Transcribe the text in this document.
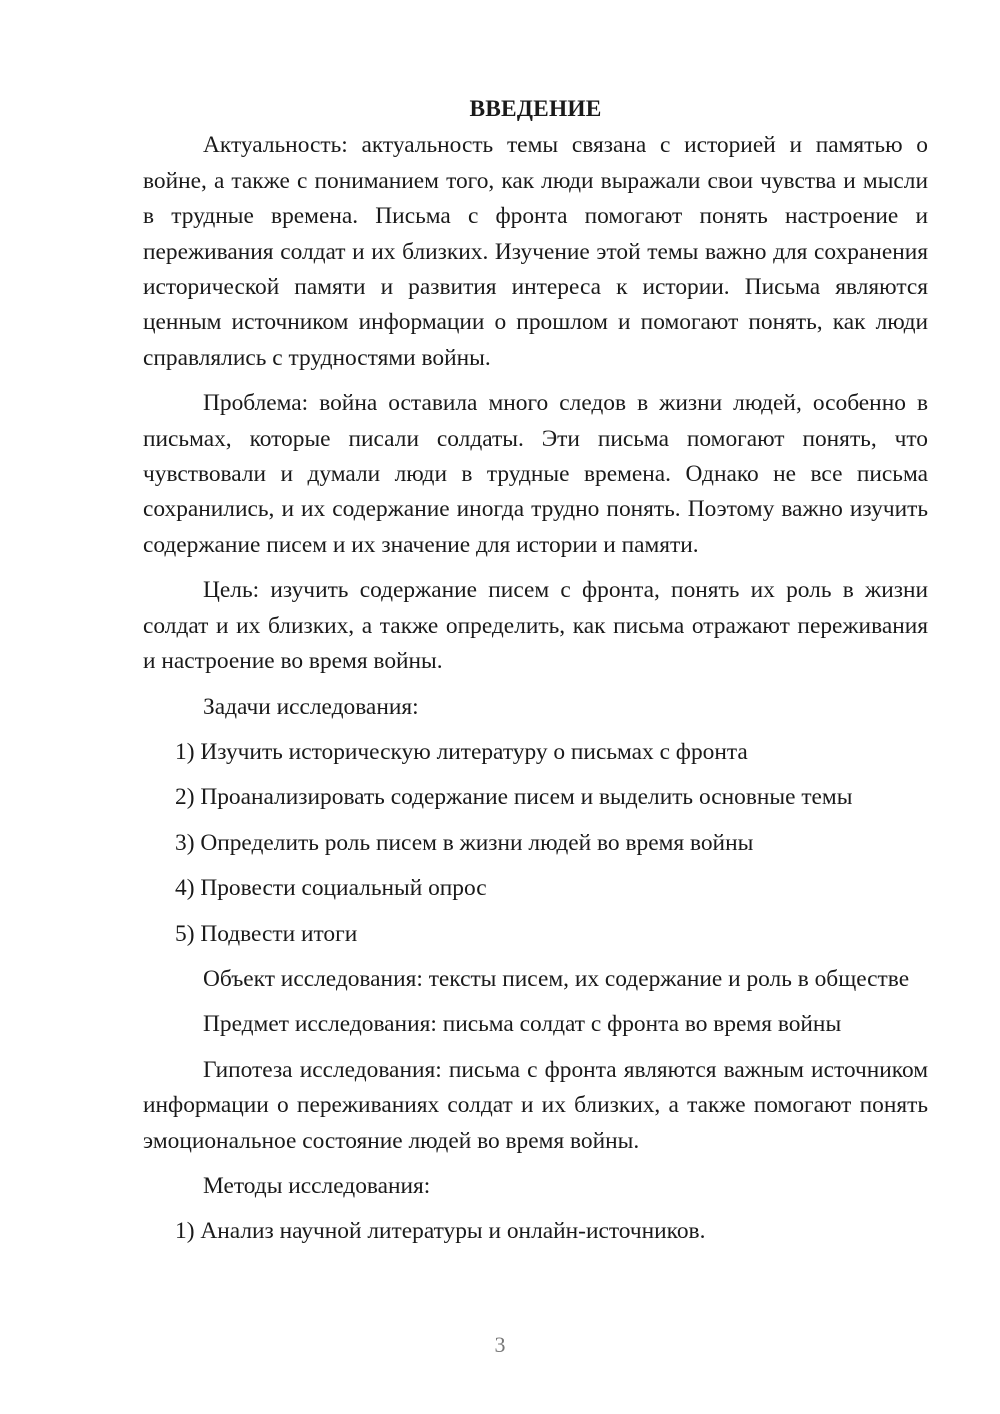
ВВЕДЕНИЕ

Актуальность: актуальность темы связана с историей и памятью о войне, а также с пониманием того, как люди выражали свои чувства и мысли в трудные времена. Письма с фронта помогают понять настроение и переживания солдат и их близких. Изучение этой темы важно для сохранения исторической памяти и развития интереса к истории. Письма являются ценным источником информации о прошлом и помогают понять, как люди справлялись с трудностями войны.

Проблема: война оставила много следов в жизни людей, особенно в письмах, которые писали солдаты. Эти письма помогают понять, что чувствовали и думали люди в трудные времена. Однако не все письма сохранились, и их содержание иногда трудно понять. Поэтому важно изучить содержание писем и их значение для истории и памяти.

Цель: изучить содержание писем с фронта, понять их роль в жизни солдат и их близких, а также определить, как письма отражают переживания и настроение во время войны.

Задачи исследования:

1) Изучить историческую литературу о письмах с фронта
2) Проанализировать содержание писем и выделить основные темы
3) Определить роль писем в жизни людей во время войны
4) Провести социальный опрос
5) Подвести итоги

Объект исследования: тексты писем, их содержание и роль в обществе

Предмет исследования: письма солдат с фронта во время войны

Гипотеза исследования: письма с фронта являются важным источником информации о переживаниях солдат и их близких, а также помогают понять эмоциональное состояние людей во время войны.

Методы исследования:

1) Анализ научной литературы и онлайн-источников.
3
